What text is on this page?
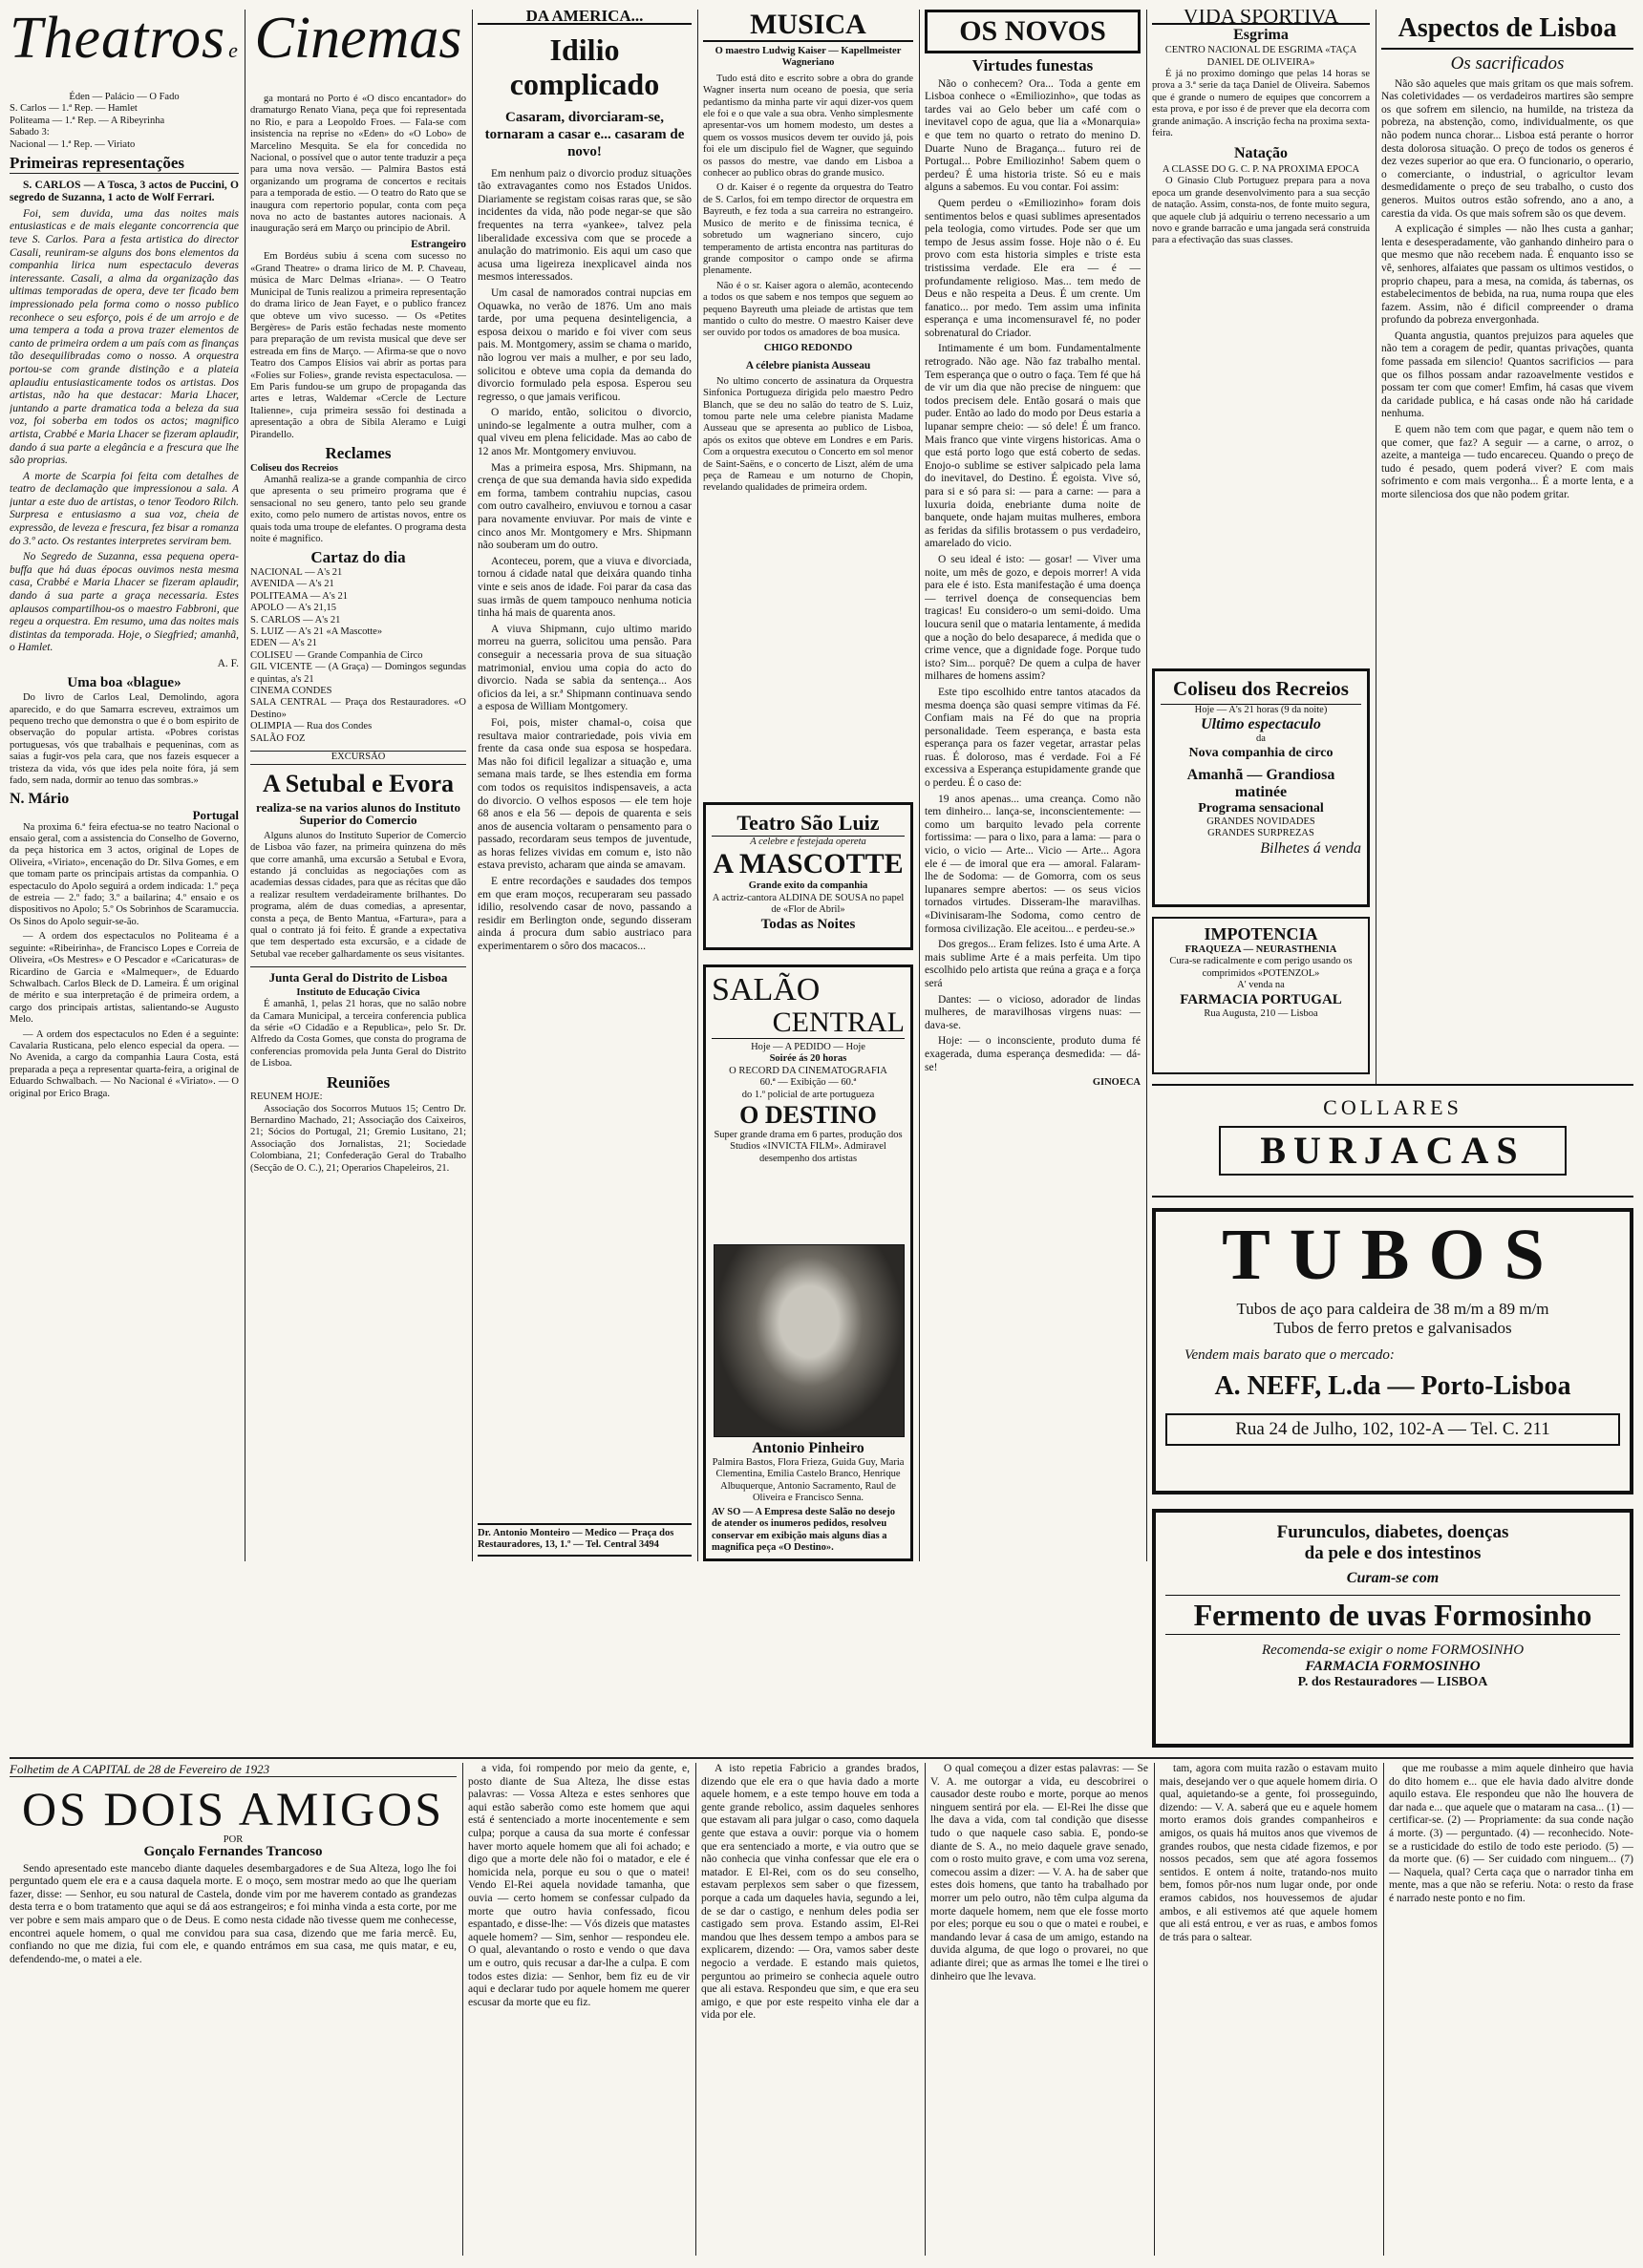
Theatros e
Éden — Palácio — O Fado
S. Carlos — 1.ª Rep. — Hamlet
Politeama — 1.ª Rep. — A Ribeyrinha
Sabado 3:
Nacional — 1.ª Rep. — Viriato
Primeiras representações
S. CARLOS — A Tosca, 3 actos de Puccini, O segredo de Suzanna, 1 acto de Wolf Ferrari.
Foi, sem duvida, uma das noites mais entusiasticas e de mais elegante concorrencia que teve S. Carlos. Para a festa artistica do director Casali, reuniram-se alguns dos bons elementos da companhia lirica num espectaculo deveras interessante. Casali, a alma da organização das ultimas temporadas de opera, deve ter ficado bem impressionado pela forma como o nosso publico reconhece o seu esforço, pois é de um arrojo e de uma tempera a toda a prova trazer elementos de canto de primeira ordem a um país com as finanças tão desequilibradas como o nosso. A orquestra portou-se com grande distinção e a plateia aplaudiu entusiasticamente todos os artistas. Dos artistas, não ha que destacar: Maria Lhacer, juntando a parte dramatica toda a beleza da sua voz, foi soberba em todos os actos; magnifico artista, Crabbé e Maria Lhacer se fizeram aplaudir, dando á sua parte a elegância e a frescura que lhe são proprias.
A morte de Scarpia foi feita com detalhes de teatro de declamação que impressionou a sala. A juntar a este duo de artistas, o tenor Teodoro Rilch. Surpresa e entusiasmo a sua voz, cheia de expressão, de leveza e frescura, fez bisar a romanza do 3.º acto. Os restantes interpretes serviram bem.
No Segredo de Suzanna, essa pequena opera-buffa que há duas épocas ouvimos nesta mesma casa, Crabbé e Maria Lhacer se fizeram aplaudir, dando á sua parte a graça necessaria. Estes aplausos compartilhou-os o maestro Fabbroni, que regeu a orquestra. Em resumo, uma das noites mais distintas da temporada. Hoje, o Siegfried; amanhã, o Hamlet.
A. F.
Uma boa «blague»
Do livro de Carlos Leal, Demolindo, agora aparecido, e do que Samarra escreveu, extraimos um pequeno trecho que demonstra o que é o bom espirito de observação do popular artista. «Pobres coristas portuguesas, vós que trabalhais e pequeninas, com as saias a fugir-vos pela cara, que nos fazeis esquecer a tristeza da vida, vós que ides pela noite fóra, já sem fado, sem nada, dormir ao tenuo das sombras.»
N. Mário
Portugal
Na proxima 6.ª feira efectua-se no teatro Nacional o ensaio geral, com a assistencia do Conselho de Governo, da peça historica em 3 actos, original de Lopes de Oliveira, «Viriato», encenação do Dr. Silva Gomes, e em que tomam parte os principais artistas da companhia. O espectaculo do Apolo seguirá a ordem indicada: 1.º peça de estreia — 2.º fado; 3.º a bailarina; 4.º ensaio e os dispositivos no Apolo; 5.º Os Sobrinhos de Scaramuccia. Os Sinos do Apolo seguir-se-ão.
— A ordem dos espectaculos no Politeama é a seguinte: «Ribeirinha», de Francisco Lopes e Correia de Oliveira, «Os Mestres» e O Pescador e «Caricaturas» de Ricardino de Garcia e «Malmequer», de Eduardo Schwalbach. Carlos Bleck de D. Lameira. É um original de mérito e sua interpretação é de primeira ordem, a cargo dos principais artistas, salientando-se Augusto Melo.
— A ordem dos espectaculos no Eden é a seguinte: Cavalaria Rusticana, pelo elenco especial da opera. — No Avenida, a cargo da companhia Laura Costa, está preparada a peça a representar quarta-feira, a original de Eduardo Schwalbach. — No Nacional é «Viriato». — O original por Erico Braga.
Cinemas
ga montará no Porto é «O disco encantador» do dramaturgo Renato Viana, peça que foi representada no Rio, e para a Leopoldo Froes. — Fala-se com insistencia na reprise no «Eden» do «O Lobo» de Marcelino Mesquita. Se ela for concedida no Nacional, o possível que o autor tente traduzir a peça para uma nova versão. — Palmira Bastos está organizando um programa de concertos e recitais para a temporada de estio. — O teatro do Rato que se inaugura com repertorio popular, conta com peça nova no acto de bastantes autores nacionais. A inauguração será em Março ou principio de Abril.
Estrangeiro
Em Bordéus subiu á scena com sucesso no «Grand Theatre» o drama lirico de M. P. Chaveau, música de Marc Delmas «Iriana». — O Teatro Municipal de Tunis realizou a primeira representação do drama lirico de Jean Fayet, e o publico francez que obteve um vivo sucesso. — Os «Petites Bergères» de Paris estão fechadas neste momento para preparação de um revista musical que deve ser estreada em fins de Março. — Afirma-se que o novo Teatro dos Campos Elísios vai abrir as portas para «Folies sur Folies», grande revista espectaculosa. — Em Paris fundou-se um grupo de propaganda das artes e letras, Waldemar «Cercle de Lecture Italienne», cuja primeira sessão foi destinada a apresentação a obra de Sibila Aleramo e Luigi Pirandello.
Reclames
Coliseu dos Recreios
Amanhã realiza-se a grande companhia de circo que apresenta o seu primeiro programa que é sensacional no seu genero, tanto pelo seu grande exito, como pelo numero de artistas novos, entre os quais toda uma troupe de elefantes. O programa desta noite é magnifico.
Cartaz do dia
NACIONAL — A's 21
AVENIDA — A's 21
POLITEAMA — A's 21
APOLO — A's 21,15
S. CARLOS — A's 21
S. LUIZ — A's 21 «A Mascotte»
EDEN — A's 21
COLISEU — Grande Companhia de Circo
GIL VICENTE — (A Graça) — Domingos segundas e quintas, a's 21
CINEMA CONDES
SALA CENTRAL — Praça dos Restauradores. «O Destino»
OLIMPIA — Rua dos Condes
SALÃO FOZ
EXCURSÃO
A Setubal e Evora
realiza-se na varios alunos do Instituto Superior do Comercio
Alguns alunos do Instituto Superior de Comercio de Lisboa vão fazer, na primeira quinzena do mês que corre amanhã, uma excursão a Setubal e Evora, estando já concluidas as negociações com as academias dessas cidades, para que as récitas que dão a realizar resultem verdadeiramente brilhantes. Do programa, além de duas comedias, a apresentar, consta a peça, de Bento Mantua, «Fartura», para a qual o contrato já foi feito. É grande a expectativa que tem despertado esta excursão, e a cidade de Setubal vae receber galhardamente os seus visitantes.
Junta Geral do Distrito de Lisboa
Instituto de Educação Civica
É amanhã, 1, pelas 21 horas, que no salão nobre da Camara Municipal, a terceira conferencia publica da série «O Cidadão e a Republica», pelo Sr. Dr. Alfredo da Costa Gomes, que consta do programa de conferencias promovida pela Junta Geral do Distrito de Lisboa.
Reuniões
REUNEM HOJE:
Associação dos Socorros Mutuos 15; Centro Dr. Bernardino Machado, 21; Associação dos Caixeiros, 21; Sócios do Portugal, 21; Gremio Lusitano, 21; Associação dos Jornalistas, 21; Sociedade Colombiana, 21; Confederação Geral do Trabalho (Secção de O. C.), 21; Operarios Chapeleiros, 21.
DA AMERICA...
Idilio complicado
Casaram, divorciaram-se, tornaram a casar e... casaram de novo!
Em nenhum paiz o divorcio produz situações tão extravagantes como nos Estados Unidos. Diariamente se registam coisas raras que, se são incidentes da vida, não pode negar-se que são frequentes na terra «yankee», talvez pela liberalidade excessiva com que se procede a anulação do matrimonio. Eis aqui um caso que acusa uma ligeireza inexplicavel ainda nos mesmos interessados.
Um casal de namorados contrai nupcias em Oquawka, no verão de 1876. Um ano mais tarde, por uma pequena desinteligencia, a esposa deixou o marido e foi viver com seus pais. M. Montgomery, assim se chama o marido, não logrou ver mais a mulher, e por seu lado, solicitou e obteve uma copia da demanda do divorcio formulado pela esposa. Esperou seu regresso, o que jamais verificou.
O marido, então, solicitou o divorcio, unindo-se legalmente a outra mulher, com a qual viveu em plena felicidade. Mas ao cabo de 12 anos Mr. Montgomery enviuvou.
Mas a primeira esposa, Mrs. Shipmann, na crença de que sua demanda havia sido expedida em forma, tambem contrahiu nupcias, casou com outro cavalheiro, enviuvou e tornou a casar para novamente enviuvar. Por mais de vinte e cinco anos Mr. Montgomery e Mrs. Shipmann não souberam um do outro.
Aconteceu, porem, que a viuva e divorciada, tornou á cidade natal que deixára quando tinha vinte e seis anos de idade. Foi parar da casa das suas irmãs de quem tampouco nenhuma noticia tinha há mais de quarenta anos.
A viuva Shipmann, cujo ultimo marido morreu na guerra, solicitou uma pensão. Para conseguir a necessaria prova de sua situação matrimonial, enviou uma copia do acto do divorcio. Nada se sabia da sentença... Aos oficios da lei, a sr.ª Shipmann continuava sendo a esposa de William Montgomery.
Foi, pois, mister chamal-o, coisa que resultava maior contrariedade, pois vivia em frente da casa onde sua esposa se hospedara. Mas não foi dificil legalizar a situação e, uma semana mais tarde, se lhes estendia em forma com todos os requisitos indispensaveis, a acta do divorcio. O velhos esposos — ele tem hoje 68 anos e ela 56 — depois de quarenta e seis anos de ausencia voltaram o pensamento para o passado, recordaram seus tempos de juventude, as horas felizes vividas em comum e, isto não estava previsto, acharam que ainda se amavam.
E entre recordações e saudades dos tempos em que eram moços, recuperaram seu passado idilio, resolvendo casar de novo, passando a residir em Berlington onde, segundo disseram ainda á procura dum sabio austriaco para experimentarem o sôro dos macacos...
Dr. Antonio Monteiro — Medico — Praça dos Restauradores, 13, 1.º — Tel. Central 3494
MUSICA
O maestro Ludwig Kaiser — Kapellmeister Wagneriano
Tudo está dito e escrito sobre a obra do grande Wagner inserta num oceano de poesia, que seria pedantismo da minha parte vir aqui dizer-vos quem ele foi e o que vale a sua obra. Venho simplesmente apresentar-vos um homem modesto, um destes a quem os vossos musicos devem ter ouvido já, pois foi ele um discipulo fiel de Wagner, que seguindo os passos do mestre, vae dando em Lisboa a conhecer ao publico obras do grande musico.
O dr. Kaiser é o regente da orquestra do Teatro de S. Carlos, foi em tempo director de orquestra em Bayreuth, e fez toda a sua carreira no estrangeiro. Musico de merito e de finissima tecnica, é sobretudo um wagneriano sincero, cujo temperamento de artista encontra nas partituras do grande compositor o campo onde se afirma plenamente.
Não é o sr. Kaiser agora o alemão, acontecendo a todos os que sabem e nos tempos que seguem ao pequeno Bayreuth uma pleiade de artistas que tem mantido o culto do mestre. O maestro Kaiser deve ser ouvido por todos os amadores de boa musica.
CHIGO REDONDO
A célebre pianista Ausseau
No ultimo concerto de assinatura da Orquestra Sinfonica Portugueza dirigida pelo maestro Pedro Blanch, que se deu no salão do teatro de S. Luiz, tomou parte nele uma celebre pianista Madame Ausseau que se apresenta ao publico de Lisboa, após os exitos que obteve em Londres e em Paris. Com a orquestra executou o Concerto em sol menor de Saint-Saëns, e o concerto de Liszt, além de uma peça de Rameau e um noturno de Chopin, revelando qualidades de primeira ordem.
Teatro São Luiz
A celebre e festejada opereta
A MASCOTTE
Grande exito da companhia
A actriz-cantora ALDINA DE SOUSA no papel de «Flor de Abril»
Todas as Noites
SALÃO
CENTRAL
Hoje — A PEDIDO — Hoje
Soirée ás 20 horas
O RECORD DA CINEMATOGRAFIA
60.ª — Exibição — 60.ª
do 1.º policial de arte portugueza
O DESTINO
Super grande drama em 6 partes, produção dos Studios «INVICTA FILM». Admiravel desempenho dos artistas
Antonio Pinheiro
Palmira Bastos, Flora Frieza, Guida Guy, Maria Clementina, Emilia Castelo Branco, Henrique Albuquerque, Antonio Sacramento, Raul de Oliveira e Francisco Senna.
AV SO — A Empresa deste Salão no desejo de atender os inumeros pedidos, resolveu conservar em exibição mais alguns dias a magnifica peça «O Destino».
OS NOVOS
Virtudes funestas
Não o conhecem? Ora... Toda a gente em Lisboa conhece o «Emiliozinho», que todas as tardes vai ao Gelo beber um café com o inevitavel copo de agua, que lia a «Monarquia» e que tem no quarto o retrato do menino D. Duarte Nuno de Bragança... futuro rei de Portugal... Pobre Emiliozinho! Sabem quem o perdeu? É uma historia triste. Só eu e mais alguns a sabemos. Eu vou contar. Foi assim:
Quem perdeu o «Emiliozinho» foram dois sentimentos belos e quasi sublimes apresentados pela teologia, como virtudes. Pode ser que um tempo de Jesus assim fosse. Hoje não o é. Eu provo com esta historia simples e triste esta tristissima verdade. Ele era — é — profundamente religioso. Mas... tem medo de Deus e não respeita a Deus. É um crente. Um fanatico... por medo. Tem assim uma infinita esperança e uma incomensuravel fé, no poder sobrenatural do Criador.
Intimamente é um bom. Fundamentalmente retrogrado. Não age. Não faz trabalho mental. Tem esperança que o outro o faça. Tem fé que há de vir um dia que não precise de ninguem: que todos precisem dele. Então gosará o mais que puder. Então ao lado do modo por Deus estaria a lupanar sempre cheio: — só dele! É um franco. Mais franco que vinte virgens historicas. Ama o que está porto logo que está coberto de sedas. Enojo-o sublime se estiver salpicado pela lama do inevitavel, do Destino. É egoista. Vive só, para si e só para si: — para a carne: — para a luxuria doida, enebriante duma noite de banquete, onde hajam muitas mulheres, embora as feridas da sifilis brotassem o pus verdadeiro, amarelado do vicio.
O seu ideal é isto: — gosar! — Viver uma noite, um mês de gozo, e depois morrer! A vida para ele é isto. Esta manifestação é uma doença — terrivel doença de consequencias bem tragicas! Eu considero-o um semi-doido. Uma loucura senil que o mataria lentamente, á medida que a noção do belo desaparece, á medida que o crime vence, que a dignidade foge. Porque tudo isto? Sim... porquê? De quem a culpa de haver milhares de homens assim?
Este tipo escolhido entre tantos atacados da mesma doença são quasi sempre vitimas da Fé. Confiam mais na Fé do que na propria personalidade. Teem esperança, e basta esta esperança para os fazer vegetar, arrastar pelas ruas. É doloroso, mas é verdade. Foi a Fé excessiva a Esperança estupidamente grande que o perdeu. É o caso de:
19 anos apenas... uma creança. Como não tem dinheiro... lança-se, inconscientemente: — como um barquito levado pela corrente fortissima: — para o lixo, para a lama: — para o vicio, o vicio — Arte... Vicio — Arte... Agora ele é — de imoral que era — amoral. Falaram-lhe de Sodoma: — de Gomorra, com os seus lupanares sempre abertos: — os seus vicios tornados virtudes. Disseram-lhe maravilhas. «Divinisaram-lhe Sodoma, como centro de formosa civilização. Ele aceitou... e perdeu-se.»
Dos gregos... Eram felizes. Isto é uma Arte. A mais sublime Arte é a mais perfeita. Um tipo escolhido pelo artista que reúna a graça e a força será
Dantes: — o vicioso, adorador de lindas mulheres, de maravilhosas virgens nuas: — dava-se.
Hoje: — o inconsciente, produto duma fé exagerada, duma esperança desmedida: — dá-se!
GINOECA
VIDA SPORTIVA
Esgrima
CENTRO NACIONAL DE ESGRIMA «TAÇA DANIEL DE OLIVEIRA»
É já no proximo domingo que pelas 14 horas se prova a 3.ª serie da taça Daniel de Oliveira. Sabemos que é grande o numero de equipes que concorrem a esta prova, e por isso é de prever que ela decorra com grande animação. A inscrição fecha na proxima sexta-feira.
Natação
A CLASSE DO G. C. P. NA PROXIMA EPOCA
O Ginasio Club Portuguez prepara para a nova epoca um grande desenvolvimento para a sua secção de natação. Assim, consta-nos, de fonte muito segura, que aquele club já adquiriu o terreno necessario a um novo e grande barracão e uma jangada será construida para a efectivação das suas classes.
Coliseu dos Recreios
Hoje — A's 21 horas (9 da noite)
Ultimo espectaculo
da
Nova companhia de circo
Amanhã — Grandiosa matinée
Programa sensacional
GRANDES NOVIDADES
GRANDES SURPREZAS
Bilhetes á venda
IMPOTENCIA
FRAQUEZA — NEURASTHENIA
Cura-se radicalmente e com perigo usando os comprimidos «POTENZOL»
A' venda na
FARMACIA PORTUGAL
Rua Augusta, 210 — Lisboa
Aspectos de Lisboa
Os sacrificados
Não são aqueles que mais gritam os que mais sofrem. Nas coletividades — os verdadeiros martires são sempre os que sofrem em silencio, na humilde, na tristeza da pobreza, na abstenção, como, individualmente, os que não podem nunca chorar... Lisboa está perante o horror desta dolorosa situação. O preço de todos os generos é dez vezes superior ao que era. O funcionario, o operario, o comerciante, o industrial, o agricultor levam desmedidamente o preço de seu trabalho, o custo dos generos. Muitos outros estão sofrendo, ano a ano, a carestia da vida. Os que mais sofrem são os que devem.
A explicação é simples — não lhes custa a ganhar; lenta e desesperadamente, vão ganhando dinheiro para o que mesmo que não recebem nada. É enquanto isso se vê, senhores, alfaiates que passam os ultimos vestidos, o proprio chapeu, para a mesa, na comida, ás tabernas, os estabelecimentos de bebida, na rua, numa roupa que eles fazem. Assim, não é dificil compreender o drama profundo da pobreza envergonhada.
Quanta angustia, quantos prejuizos para aqueles que não tem a coragem de pedir, quantas privações, quanta fome passada em silencio! Quantos sacrificios — para que os filhos possam andar razoavelmente vestidos e possam ter com que comer! Emfim, há casas que vivem da caridade publica, e há casas onde não há caridade nenhuma.
E quem não tem com que pagar, e quem não tem o que comer, que faz? A seguir — a carne, o arroz, o azeite, a manteiga — tudo encareceu. Quando o preço de tudo é pesado, quem poderá viver? E com mais sofrimento e com mais vergonha... É a morte lenta, e a morte silenciosa dos que não podem gritar.
COLLARES
BURJACAS
TUBOS
Tubos de aço para caldeira de 38 m/m a 89 m/m
Tubos de ferro pretos e galvanisados
Vendem mais barato que o mercado:
A. NEFF, L.da — Porto-Lisboa
Rua 24 de Julho, 102, 102-A — Tel. C. 211
Furunculos, diabetes, doenças
da pele e dos intestinos
Curam-se com
Fermento de uvas Formosinho
Recomenda-se exigir o nome FORMOSINHO
FARMACIA FORMOSINHO
P. dos Restauradores — LISBOA
Folhetim de A CAPITAL de 28 de Fevereiro de 1923
OS DOIS AMIGOS
POR
Gonçalo Fernandes Trancoso
Sendo apresentado este mancebo diante daqueles desembargadores e de Sua Alteza, logo lhe foi perguntado quem ele era e a causa daquela morte. E o moço, sem mostrar medo ao que lhe queriam fazer, disse: — Senhor, eu sou natural de Castela, donde vim por me haverem contado as grandezas desta terra e o bom tratamento que aqui se dá aos estrangeiros; e foi minha vinda a esta corte, por me ver pobre e sem mais amparo que o de Deus. E como nesta cidade não tivesse quem me conhecesse, encontrei aquele homem, o qual me convidou para sua casa, dizendo que me faria mercê. Eu, confiando no que me dizia, fui com ele, e quando entrámos em sua casa, me quis matar, e eu, defendendo-me, o matei a ele.
a vida, foi rompendo por meio da gente, e, posto diante de Sua Alteza, lhe disse estas palavras: — Vossa Alteza e estes senhores que aqui estão saberão como este homem que aqui está é sentenciado a morte inocentemente e sem culpa; porque a causa da sua morte é confessar haver morto aquele homem que ali foi achado; e digo que a morte dele não foi o matador, e ele é homicida nela, porque eu sou o que o matei! Vendo El-Rei aquela novidade tamanha, que ouvia — certo homem se confessar culpado da morte que outro havia confessado, ficou espantado, e disse-lhe: — Vós dizeis que matastes aquele homem? — Sim, senhor — respondeu ele. O qual, alevantando o rosto e vendo o que dava um e outro, quis recusar a dar-lhe a culpa. E com todos estes dizia: — Senhor, bem fiz eu de vir aqui e declarar tudo por aquele homem me querer escusar da morte que eu fiz.
A isto repetia Fabricio a grandes brados, dizendo que ele era o que havia dado a morte aquele homem, e a este tempo houve em toda a gente grande rebolico, assim daqueles senhores que estavam ali para julgar o caso, como daquela gente que estava a ouvir: porque via o homem que era sentenciado a morte, e via outro que se não conhecia que vinha confessar que ele era o matador. E El-Rei, com os do seu conselho, estavam perplexos sem saber o que fizessem, porque a cada um daqueles havia, segundo a lei, de se dar o castigo, e nenhum deles podia ser castigado sem prova. Estando assim, El-Rei mandou que lhes dessem tempo a ambos para se explicarem, dizendo: — Ora, vamos saber deste negocio a verdade. E estando mais quietos, perguntou ao primeiro se conhecia aquele outro que ali estava. Respondeu que sim, e que era seu amigo, e que por este respeito vinha ele dar a vida por ele.
O qual começou a dizer estas palavras: — Se V. A. me outorgar a vida, eu descobrirei o causador deste roubo e morte, porque ao menos ninguem sentirá por ela. — El-Rei lhe disse que lhe dava a vida, com tal condição que disesse tudo o que naquele caso sabia. E, pondo-se diante de S. A., no meio daquele grave senado, com o rosto muito grave, e com uma voz serena, comecou assim a dizer: — V. A. ha de saber que estes dois homens, que tanto ha trabalhado por morrer um pelo outro, não têm culpa alguma da morte daquele homem, nem que ele fosse morto por eles; porque eu sou o que o matei e roubei, e mandando levar á casa de um amigo, estando na duvida alguma, de que logo o provarei, no que adiante direi; que as armas lhe tomei e lhe tirei o dinheiro que lhe levava.
tam, agora com muita razão o estavam muito mais, desejando ver o que aquele homem diria. O qual, aquietando-se a gente, foi prosseguindo, dizendo: — V. A. saberá que eu e aquele homem morto eramos dois grandes companheiros e amigos, os quais há muitos anos que vivemos de grandes roubos, que nesta cidade fizemos, e por nossos pecados, sem que até agora fossemos sentidos. E ontem á noite, tratando-nos muito bem, fomos pôr-nos num lugar onde, por onde eramos cabidos, nos houvessemos de ajudar ambos, e ali estivemos até que aquele homem que ali está entrou, e ver as ruas, e ambos fomos de trás para o saltear.
que me roubasse a mim aquele dinheiro que havia do dito homem e... que ele havia dado alvitre donde aquilo estava. Ele respondeu que não lhe houvera de dar nada e... que aquele que o mataram na casa... (1) — certificar-se. (2) — Propriamente: da sua conde nação á morte. (3) — perguntado. (4) — reconhecido. Note-se a rusticidade do estilo de todo este periodo. (5) — da morte que. (6) — Ser cuidado com ninguem... (7) — Naquela, qual? Certa caça que o narrador tinha em mente, mas a que não se referiu. Nota: o resto da frase é narrado neste ponto e no fim.
